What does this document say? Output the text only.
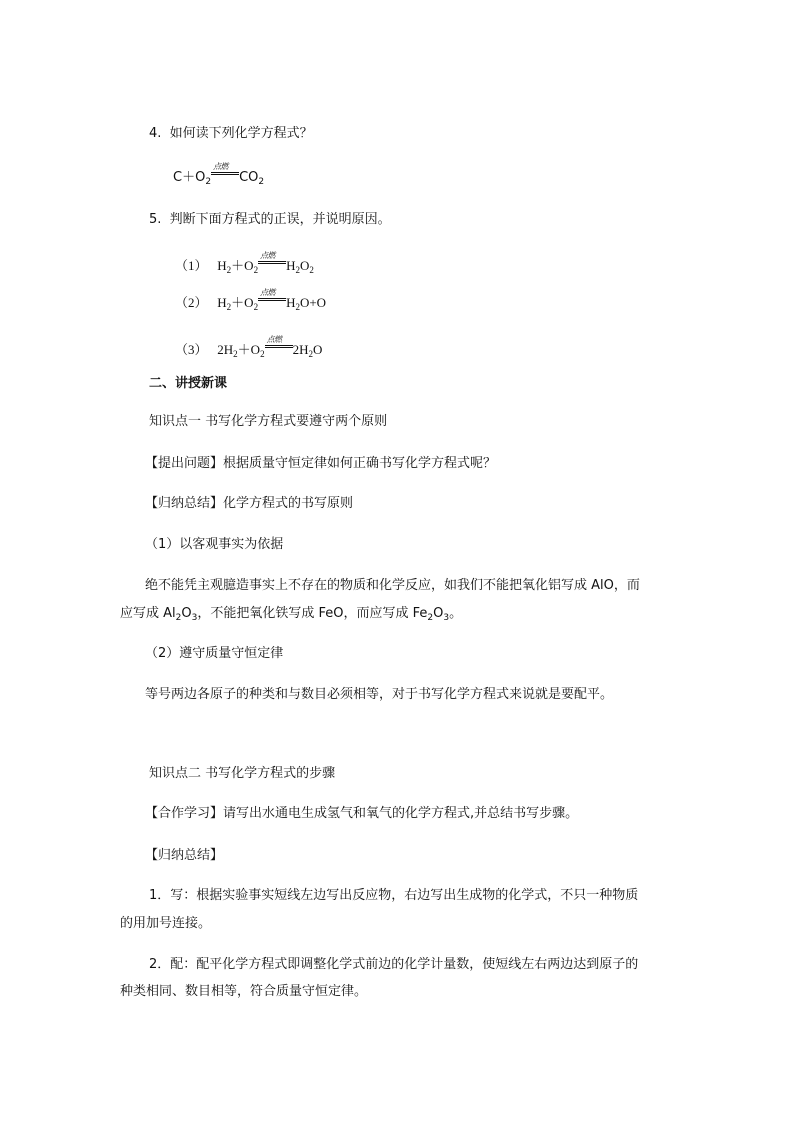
4. 如何读下列化学方程式？
$C+O_2$
点燃
$CO_2$
5. 判断下面方程式的正误，并说明原因。
（1） $H_2+O_2$
点燃
$H_2O_2$
（2） $H_2+O_2$
点燃
$H_2O+O$
（3） $2H_2+O_2$
点燃
$2H_2O$
二、讲授新课
知识点一 书写化学方程式要遵守两个原则
【提出问题】根据质量守恒定律如何正确书写化学方程式呢？
【归纳总结】化学方程式的书写原则
（1）以客观事实为依据
绝不能凭主观臆造事实上不存在的物质和化学反应，如我们不能把氧化铝写成 AlO，而
应写成 $Al_2O_3$，不能把氧化铁写成 FeO，而应写成 $Fe_2O_3$。
（2）遵守质量守恒定律
等号两边各原子的种类和与数目必须相等，对于书写化学方程式来说就是要配平。
知识点二 书写化学方程式的步骤
【合作学习】请写出水通电生成氢气和氧气的化学方程式,并总结书写步骤。
【归纳总结】
1．写：根据实验事实短线左边写出反应物，右边写出生成物的化学式，不只一种物质
的用加号连接。
2．配：配平化学方程式即调整化学式前边的化学计量数，使短线左右两边达到原子的
种类相同、数目相等，符合质量守恒定律。
